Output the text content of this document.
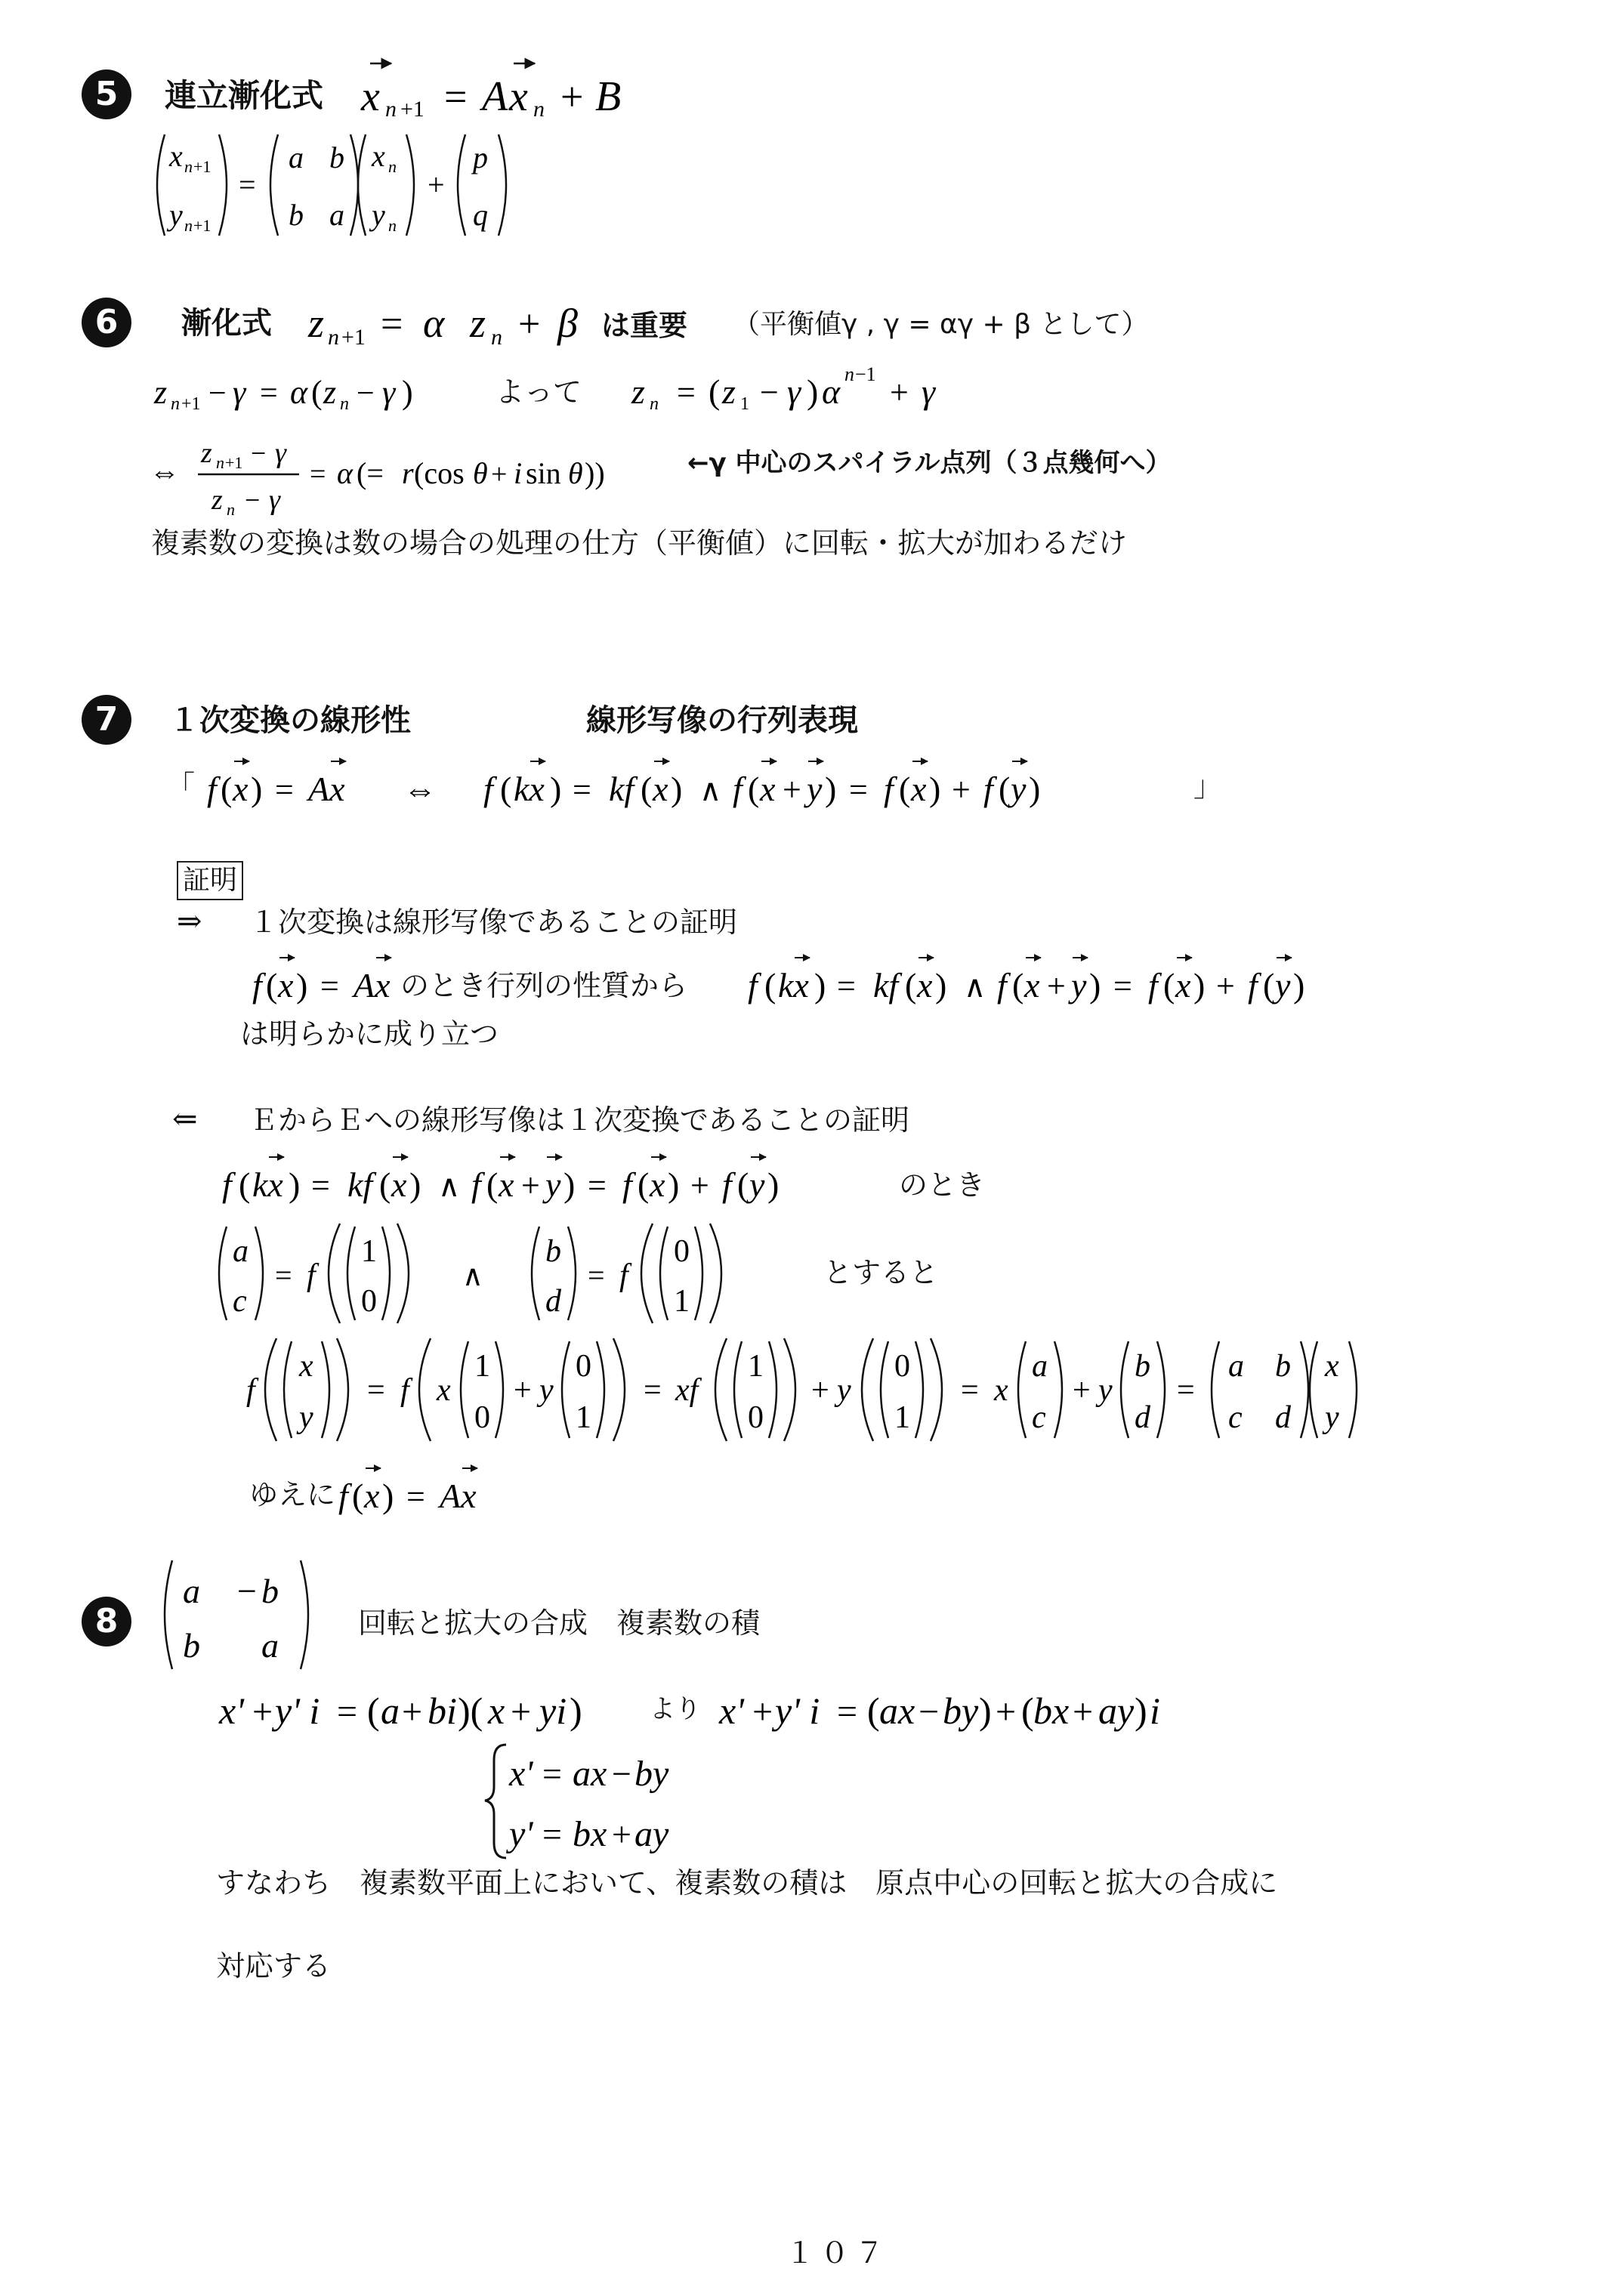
5	連立漸化式 x n +1 = A x n + B
x n +1
y n +1
=
a b
b a
x n
y n
+
p
q
6	漸化式 z n +1 = α z n + β は重要 （平衡値γ , γ = αγ + β として）
z n +1 − γ = α ( z n − γ )	よって z n = ( z 1 − γ ) α n −1 + γ
⇔
z n +1 − γ
z n − γ
= α (= r (cos θ + i sin θ ))	←γ 中心のスパイラル点列（３点幾何へ）
複素数の変換は数の場合の処理の仕方（平衡値）に回転・拡大が加わるだけ
7	１次変換の線形性	線形写像の行列表現
「 f ( x ) = Ax ⇔ f ( kx ) = kf ( x ) ∧ f ( x + y ) = f ( x ) + f ( y )	」
証明
⇒ １次変換は線形写像であることの証明
f ( x ) = Ax のとき行列の性質から f ( kx ) = kf ( x ) ∧ f ( x + y ) = f ( x ) + f ( y )
は明らかに成り立つ
⇐ ＥからＥへの線形写像は１次変換であることの証明
f ( kx ) = kf ( x ) ∧ f ( x + y ) = f ( x ) + f ( y )	のとき
a
c
= f
1
0
∧
b
d
= f
0
1
とすると
f
x
y
= f x
1
0
+ y
0
1
= xf
1
0
+ y
0
1
= x
a
c
+ y
b
d
=
a b
c d
x
y
ゆえに f ( x ) = Ax
8
a − b
b a
回転と拡大の合成　複素数の積
x' + y' i = ( a + bi )( x + yi )	より x' + y' i = ( ax − by ) + ( bx + ay ) i
x' = ax − by
y' = bx + ay
すなわち　複素数平面上において、複素数の積は　原点中心の回転と拡大の合成に
対応する
１０７
